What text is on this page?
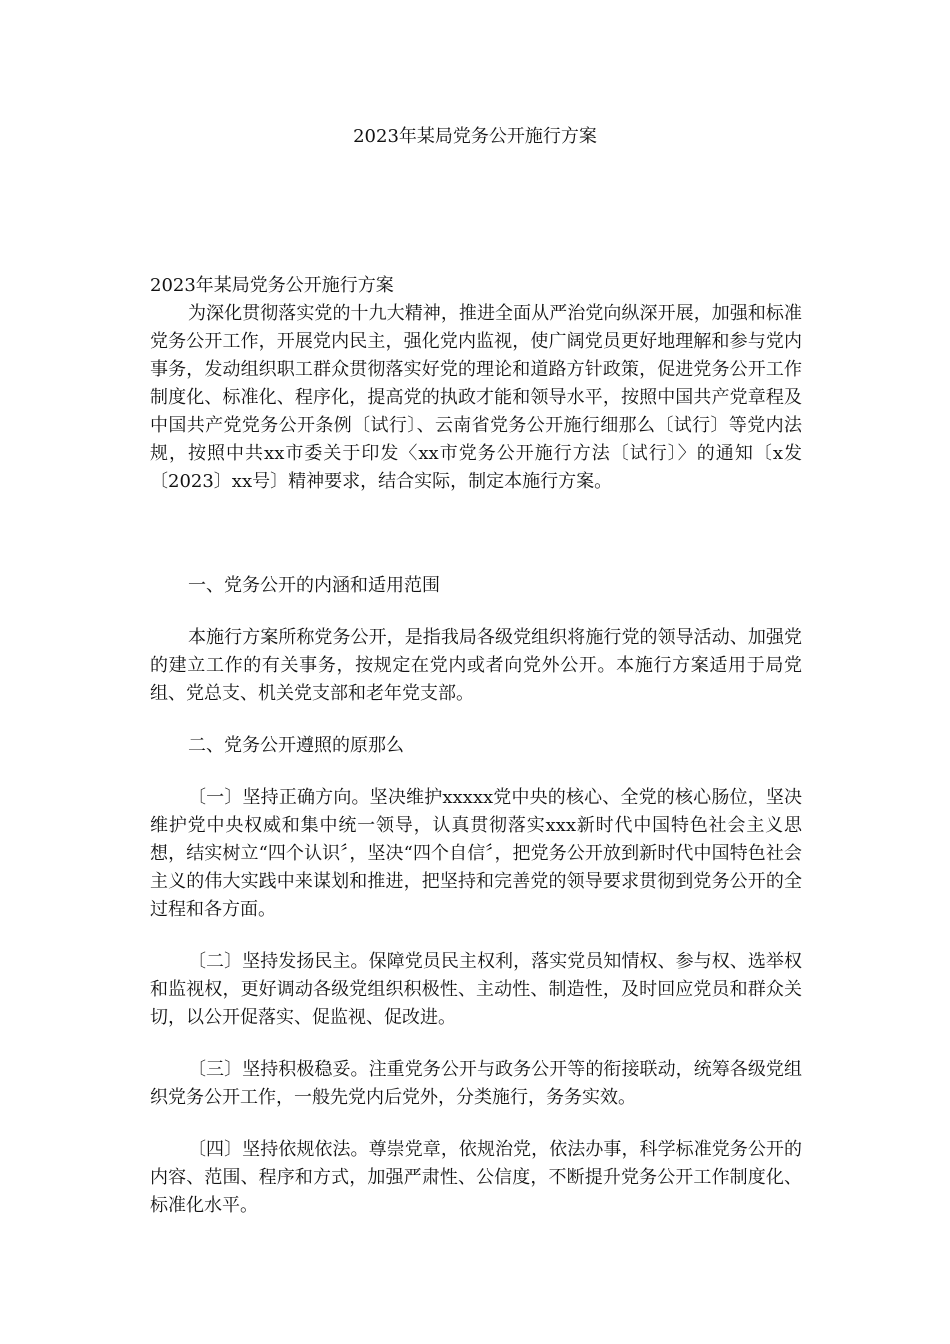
2023年某局党务公开施行方案

2023年某局党务公开施行方案

为深化贯彻落实党的十九大精神，推进全面从严治党向纵深开展，加强和标准党务公开工作，开展党内民主，强化党内监视，使广阔党员更好地理解和参与党内事务，发动组织职工群众贯彻落实好党的理论和道路方针政策，促进党务公开工作制度化、标准化、程序化，提高党的执政才能和领导水平，按照中国共产党章程及中国共产党党务公开条例〔试行〕、云南省党务公开施行细那么〔试行〕等党内法规，按照中共xx市委关于印发〈xx市党务公开施行方法〔试行〕〉的通知〔x发〔2023〕xx号〕精神要求，结合实际，制定本施行方案。

一、党务公开的内涵和适用范围

本施行方案所称党务公开，是指我局各级党组织将施行党的领导活动、加强党的建立工作的有关事务，按规定在党内或者向党外公开。本施行方案适用于局党组、党总支、机关党支部和老年党支部。

二、党务公开遵照的原那么

〔一〕坚持正确方向。坚决维护xxxxx党中央的核心、全党的核心肠位，坚决维护党中央权威和集中统一领导，认真贯彻落实xxx新时代中国特色社会主义思想，结实树立“四个认识〞，坚决“四个自信〞，把党务公开放到新时代中国特色社会主义的伟大实践中来谋划和推进，把坚持和完善党的领导要求贯彻到党务公开的全过程和各方面。

〔二〕坚持发扬民主。保障党员民主权利，落实党员知情权、参与权、选举权和监视权，更好调动各级党组织积极性、主动性、制造性，及时回应党员和群众关切，以公开促落实、促监视、促改进。

〔三〕坚持积极稳妥。注重党务公开与政务公开等的衔接联动，统筹各级党组织党务公开工作，一般先党内后党外，分类施行，务务实效。

〔四〕坚持依规依法。尊崇党章，依规治党，依法办事，科学标准党务公开的内容、范围、程序和方式，加强严肃性、公信度，不断提升党务公开工作制度化、标准化水平。
